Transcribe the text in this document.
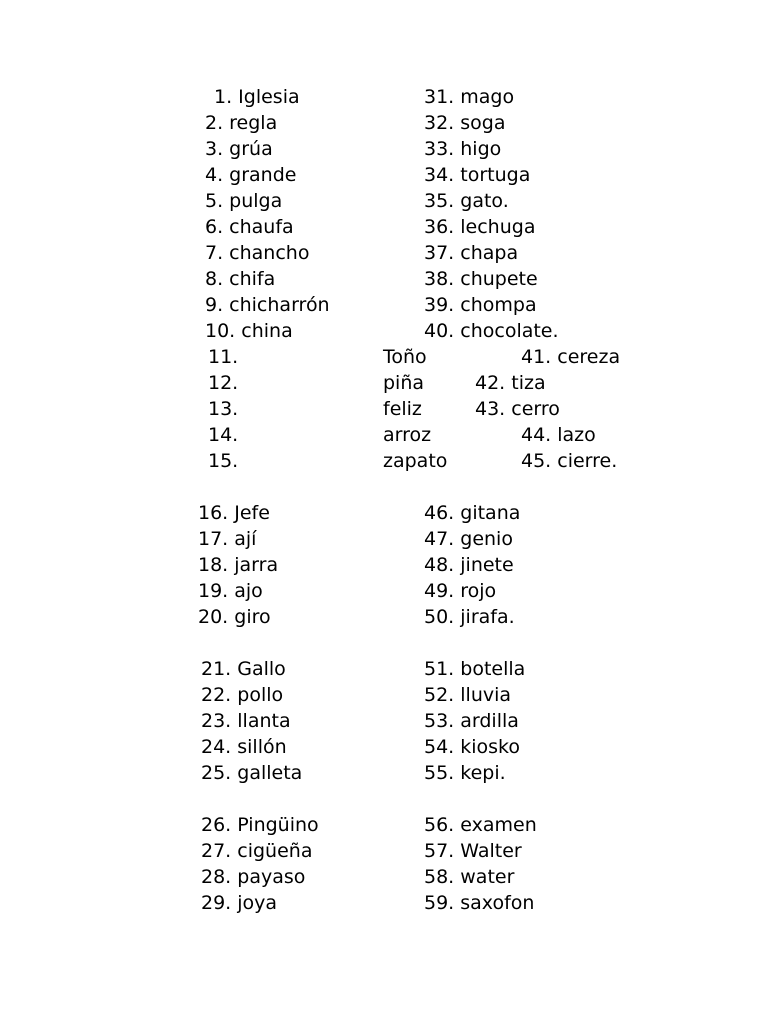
1. Iglesia
2. regla
3. grúa
4. grande
5. pulga
6. chaufa
7. chancho
8. chifa
9. chicharrón
10. china
11.
12.
13.
14.
15.
Toño
piña
feliz
arroz
zapato
31. mago
32. soga
33. higo
34. tortuga
35. gato.
36. lechuga
37. chapa
38. chupete
39. chompa
40. chocolate.
41. cereza
42. tiza
43. cerro
44. lazo
45. cierre.
16. Jefe
17. ají
18. jarra
19. ajo
20. giro
46. gitana
47. genio
48. jinete
49. rojo
50. jirafa.
21. Gallo
22. pollo
23. llanta
24. sillón
25. galleta
51. botella
52. lluvia
53. ardilla
54. kiosko
55. kepi.
26. Pingüino
27. cigüeña
28. payaso
29. joya
56. examen
57. Walter
58. water
59. saxofon
